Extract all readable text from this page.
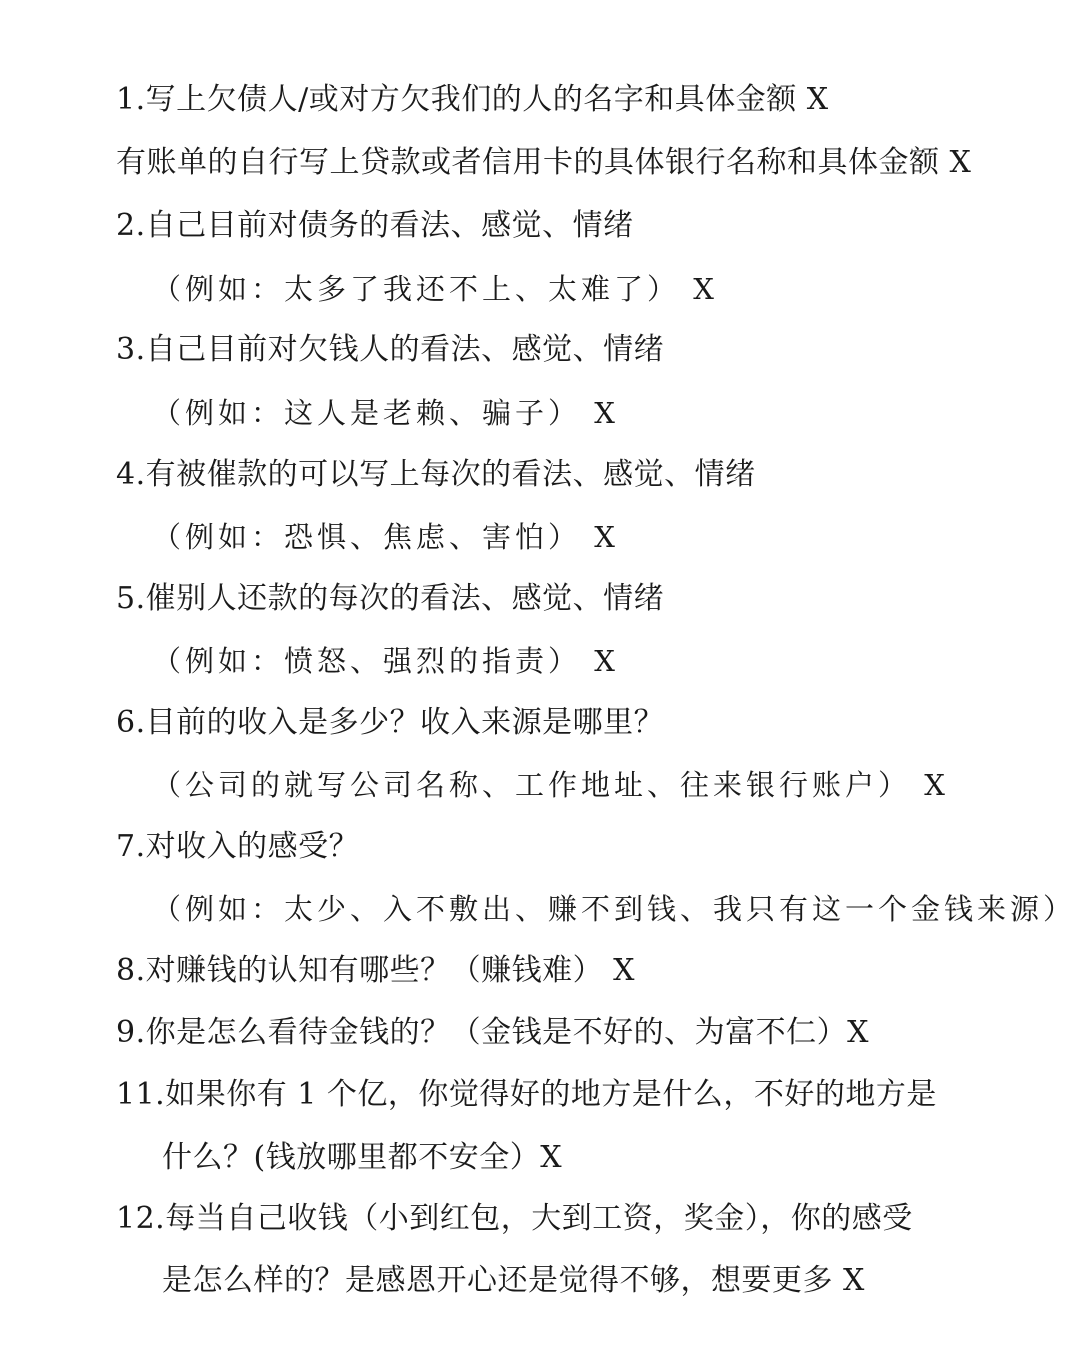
1.写上欠债人/或对方欠我们的人的名字和具体金额 X
有账单的自行写上贷款或者信用卡的具体银行名称和具体金额 X
2.自己目前对债务的看法、感觉、情绪
（例如：太多了我还不上、太难了） X
3.自己目前对欠钱人的看法、感觉、情绪
（例如：这人是老赖、骗子） X
4.有被催款的可以写上每次的看法、感觉、情绪
（例如：恐惧、焦虑、害怕） X
5.催别人还款的每次的看法、感觉、情绪
（例如：愤怒、强烈的指责） X
6.目前的收入是多少？收入来源是哪里？
（公司的就写公司名称、工作地址、往来银行账户） X
7.对收入的感受？
（例如：太少、入不敷出、赚不到钱、我只有这一个金钱来源）
8.对赚钱的认知有哪些？（赚钱难） X
9.你是怎么看待金钱的？（金钱是不好的、为富不仁）X
11.如果你有 1 个亿，你觉得好的地方是什么，不好的地方是
什么？(钱放哪里都不安全）X
12.每当自己收钱（小到红包，大到工资，奖金），你的感受
是怎么样的？是感恩开心还是觉得不够，想要更多 X
